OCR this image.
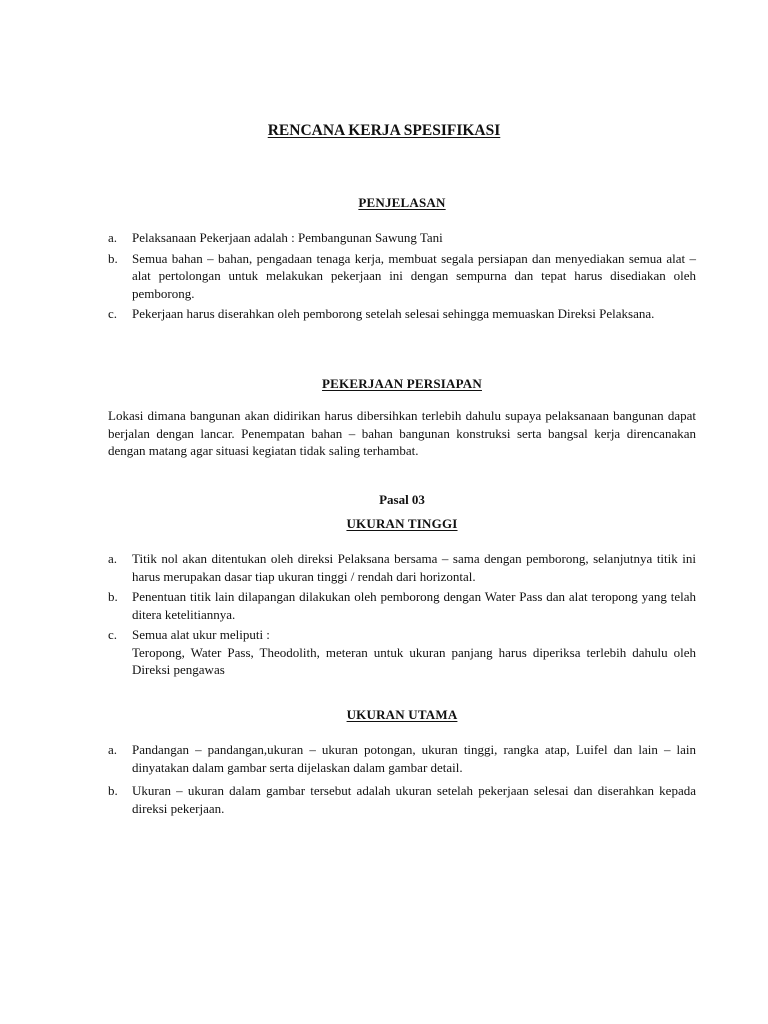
RENCANA KERJA SPESIFIKASI
PENJELASAN
a. Pelaksanaan Pekerjaan adalah : Pembangunan Sawung Tani
b. Semua bahan – bahan, pengadaan tenaga kerja, membuat segala persiapan dan menyediakan semua alat – alat pertolongan untuk melakukan pekerjaan ini dengan sempurna dan tepat harus disediakan oleh pemborong.
c. Pekerjaan harus diserahkan oleh pemborong setelah selesai sehingga memuaskan Direksi Pelaksana.
PEKERJAAN PERSIAPAN

Lokasi dimana bangunan akan didirikan harus dibersihkan terlebih dahulu supaya pelaksanaan bangunan dapat berjalan dengan lancar. Penempatan bahan – bahan bangunan konstruksi serta bangsal kerja direncanakan dengan matang agar situasi kegiatan tidak saling terhambat.

Pasal 03
UKURAN TINGGI
a. Titik nol akan ditentukan oleh direksi Pelaksana bersama – sama dengan pemborong, selanjutnya titik ini harus merupakan dasar tiap ukuran tinggi / rendah dari horizontal.
b. Penentuan titik lain dilapangan dilakukan oleh pemborong dengan Water Pass dan alat teropong yang telah ditera ketelitiannya.
c. Semua alat ukur meliputi :
Teropong, Water Pass, Theodolith, meteran untuk ukuran panjang harus diperiksa terlebih dahulu oleh Direksi pengawas
UKURAN UTAMA
a. Pandangan – pandangan,ukuran – ukuran potongan, ukuran tinggi, rangka atap, Luifel dan lain – lain dinyatakan dalam gambar serta dijelaskan dalam gambar detail.
b. Ukuran – ukuran dalam gambar tersebut adalah ukuran setelah pekerjaan selesai dan diserahkan kepada direksi pekerjaan.
